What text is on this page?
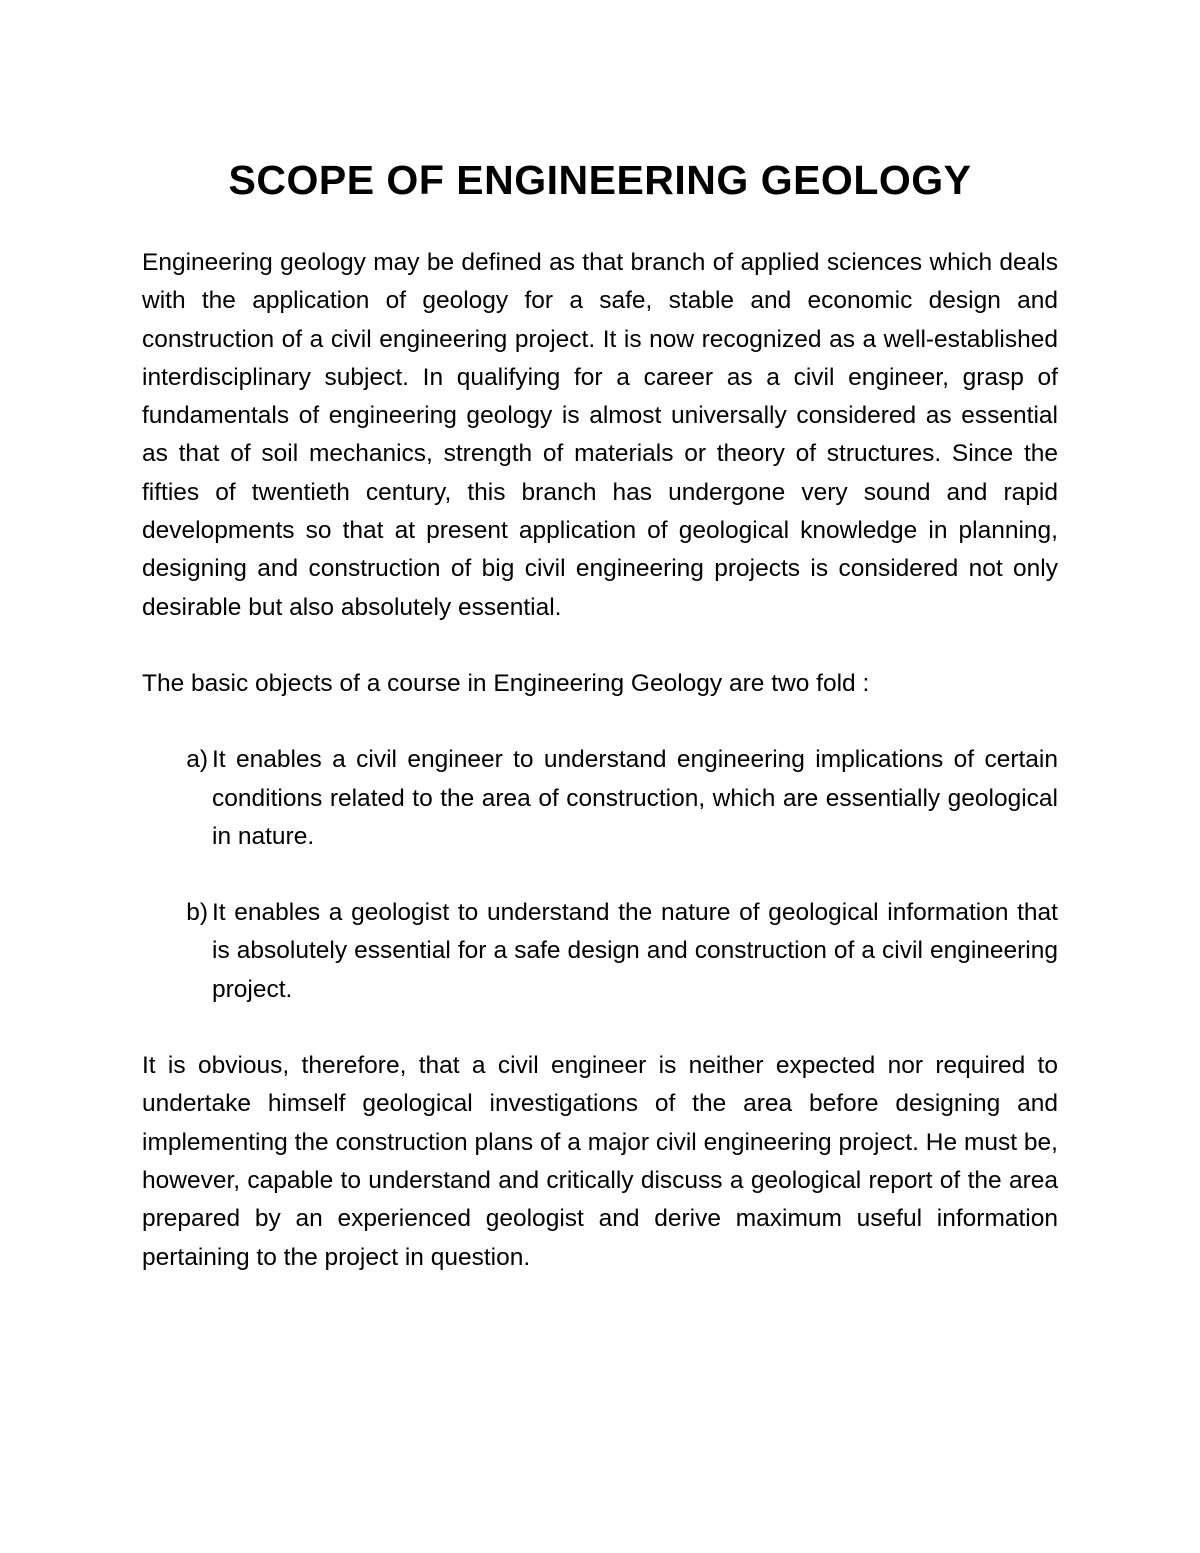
SCOPE OF ENGINEERING GEOLOGY

Engineering geology may be defined as that branch of applied sciences which deals with the application of geology for a safe, stable and economic design and construction of a civil engineering project. It is now recognized as a well-established interdisciplinary subject. In qualifying for a career as a civil engineer, grasp of fundamentals of engineering geology is almost universally considered as essential as that of soil mechanics, strength of materials or theory of structures. Since the fifties of twentieth century, this branch has undergone very sound and rapid developments so that at present application of geological knowledge in planning, designing and construction of big civil engineering projects is considered not only desirable but also absolutely essential.

The basic objects of a course in Engineering Geology are two fold :

a) It enables a civil engineer to understand engineering implications of certain conditions related to the area of construction, which are essentially geological in nature.
b) It enables a geologist to understand the nature of geological information that is absolutely essential for a safe design and construction of a civil engineering project.

It is obvious, therefore, that a civil engineer is neither expected nor required to undertake himself geological investigations of the area before designing and implementing the construction plans of a major civil engineering project. He must be, however, capable to understand and critically discuss a geological report of the area prepared by an experienced geologist and derive maximum useful information pertaining to the project in question.
